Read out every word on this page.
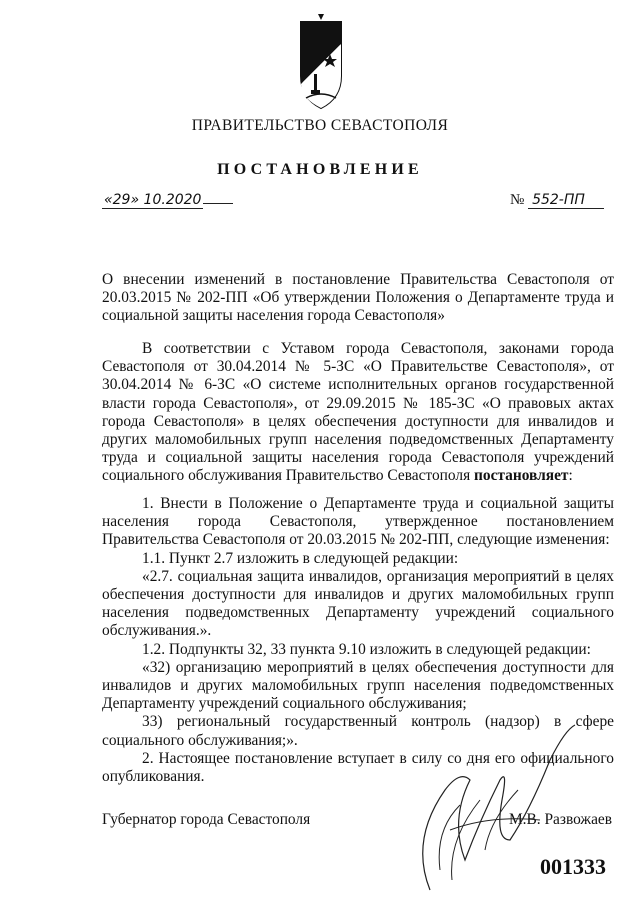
ПРАВИТЕЛЬСТВО СЕВАСТОПОЛЯ
ПОСТАНОВЛЕНИЕ
«29» 10.2020	№ 552-ПП

О внесении изменений в постановление Правительства Севастополя от 20.03.2015 № 202-ПП «Об утверждении Положения о Департаменте труда и социальной защиты населения города Севастополя»

В соответствии с Уставом города Севастополя, законами города Севастополя от 30.04.2014 № 5-ЗС «О Правительстве Севастополя», от 30.04.2014 № 6-ЗС «О системе исполнительных органов государственной власти города Севастополя», от 29.09.2015 № 185-ЗС «О правовых актах города Севастополя» в целях обеспечения доступности для инвалидов и других маломобильных групп населения подведомственных Департаменту труда и социальной защиты населения города Севастополя учреждений социального обслуживания Правительство Севастополя постановляет:

1. Внести в Положение о Департаменте труда и социальной защиты населения города Севастополя, утвержденное постановлением Правительства Севастополя от 20.03.2015 № 202-ПП, следующие изменения:

1.1. Пункт 2.7 изложить в следующей редакции:

«2.7. социальная защита инвалидов, организация мероприятий в целях обеспечения доступности для инвалидов и других маломобильных групп населения подведомственных Департаменту учреждений социального обслуживания.».

1.2. Подпункты 32, 33 пункта 9.10 изложить в следующей редакции:

«32) организацию мероприятий в целях обеспечения доступности для инвалидов и других маломобильных групп населения подведомственных Департаменту учреждений социального обслуживания;

33) региональный государственный контроль (надзор) в сфере социального обслуживания;».

2. Настоящее постановление вступает в силу со дня его официального опубликования.

Губернатор города Севастополя	М.В. Развожаев
001333
